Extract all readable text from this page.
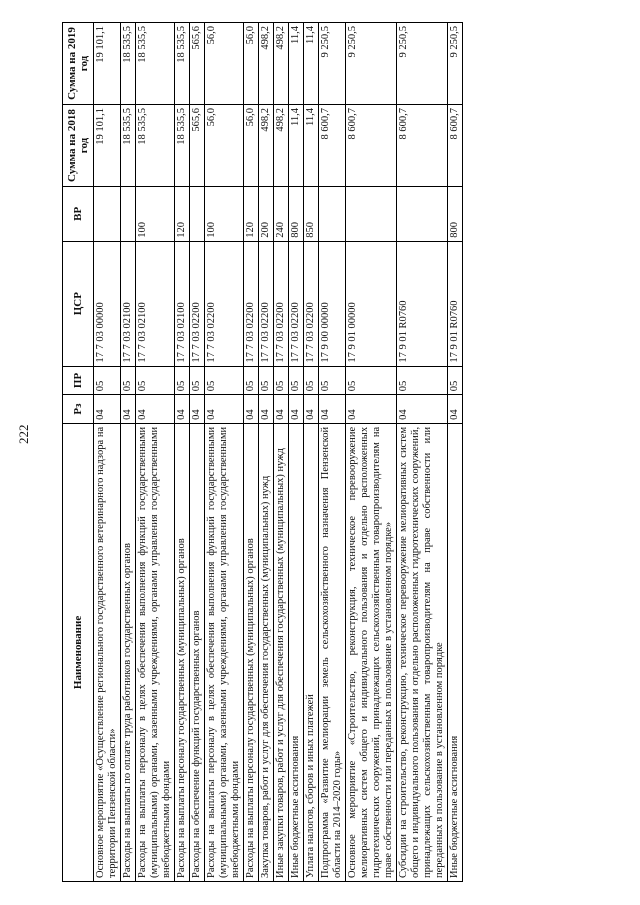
222
Наименование	Рз	ПР	ЦСР	ВР	Сумма на 2018 год	Сумма на 2019 год
Основное мероприятие «Осуществление регионального государственного ветеринарного надзора на территории Пензенской области»	04	05	17 7 03 00000		19 101,1	19 101,1
Расходы на выплаты по оплате труда работников государственных органов	04	05	17 7 03 02100		18 535,5	18 535,5
Расходы на выплаты персоналу в целях обеспечения выполнения функций государственными (муниципальными) органами, казенными учреждениями, органами управления государственными внебюджетными фондами	04	05	17 7 03 02100	100	18 535,5	18 535,5
Расходы на выплаты персоналу государственных (муниципальных) органов	04	05	17 7 03 02100	120	18 535,5	18 535,5
Расходы на обеспечение функций государственных органов	04	05	17 7 03 02200		565,6	565,6
Расходы на выплаты персоналу в целях обеспечения выполнения функций государственными (муниципальными) органами, казенными учреждениями, органами управления государственными внебюджетными фондами	04	05	17 7 03 02200	100	56,0	56,0
Расходы на выплаты персоналу государственных (муниципальных) органов	04	05	17 7 03 02200	120	56,0	56,0
Закупка товаров, работ и услуг для обеспечения государственных (муниципальных) нужд	04	05	17 7 03 02200	200	498,2	498,2
Иные закупки товаров, работ и услуг для обеспечения государственных (муниципальных) нужд	04	05	17 7 03 02200	240	498,2	498,2
Иные бюджетные ассигнования	04	05	17 7 03 02200	800	11,4	11,4
Уплата налогов, сборов и иных платежей	04	05	17 7 03 02200	850	11,4	11,4
Подпрограмма «Развитие мелиорации земель сельскохозяйственного назначения Пензенской области на 2014–2020 годы»	04	05	17 9 00 00000		8 600,7	9 250,5
Основное мероприятие «Строительство, реконструкция, техническое перевооружение мелиоративных систем общего и индивидуального пользования и отдельно расположенных гидротехнических сооружений, принадлежащих сельскохозяйственным товаропроизводителям на праве собственности или переданных в пользование в установленном порядке»	04	05	17 9 01 00000		8 600,7	9 250,5
Субсидии на строительство, реконструкцию, техническое перевооружение мелиоративных систем общего и индивидуального пользования и отдельно расположенных гидротехнических сооружений, принадлежащих сельскохозяйственным товаропроизводителям на праве собственности или переданных в пользование в установленном порядке	04	05	17 9 01 R0760		8 600,7	9 250,5
Иные бюджетные ассигнования	04	05	17 9 01 R0760	800	8 600,7	9 250,5
